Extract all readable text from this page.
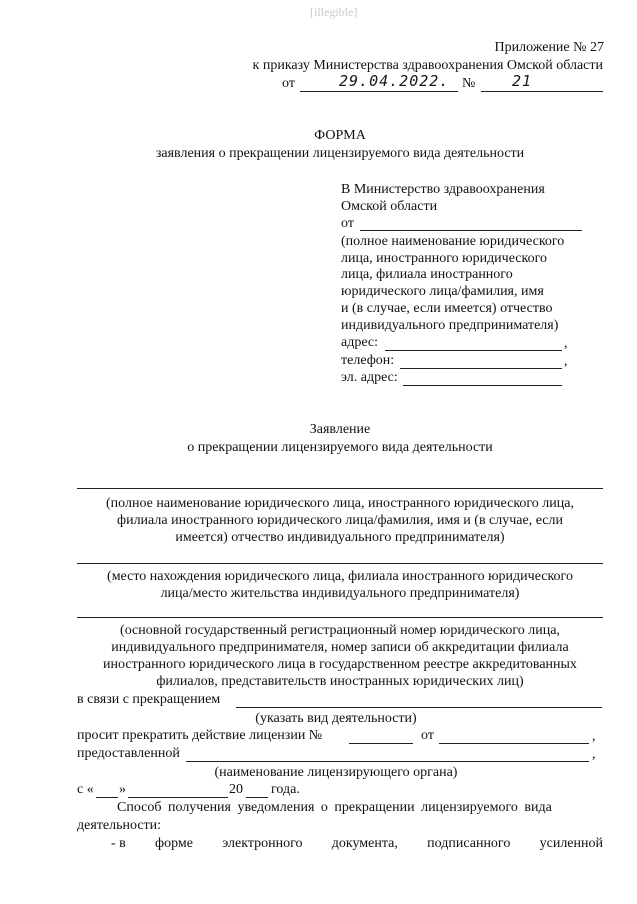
[illegible]
Приложение № 27
к приказу Министерства здравоохранения Омской области
от	29.04.2022. № 21
ФОРМА
заявления о прекращении лицензируемого вида деятельности
В Министерство здравоохранения
Омской области
от
(полное наименование юридического
лица, иностранного юридического
лица, филиала иностранного
юридического лица/фамилия, имя
и (в случае, если имеется) отчество
индивидуального предпринимателя)
адрес:	,
телефон:	,
эл. адрес:
Заявление
о прекращении лицензируемого вида деятельности
(полное наименование юридического лица, иностранного юридического лица,
филиала иностранного юридического лица/фамилия, имя и (в случае, если
имеется) отчество индивидуального предпринимателя)
(место нахождения юридического лица, филиала иностранного юридического
лица/место жительства индивидуального предпринимателя)
(основной государственный регистрационный номер юридического лица,
индивидуального предпринимателя, номер записи об аккредитации филиала
иностранного юридического лица в государственном реестре аккредитованных
филиалов, представительств иностранных юридических лиц)
в связи с прекращением
(указать вид деятельности)
просит прекратить действие лицензии №	от	,
предоставленной	,
(наименование лицензирующего органа)
с « »	20 года.
Способ получения уведомления о прекращении лицензируемого вида
деятельности:
- в форме электронного документа, подписанного усиленной
